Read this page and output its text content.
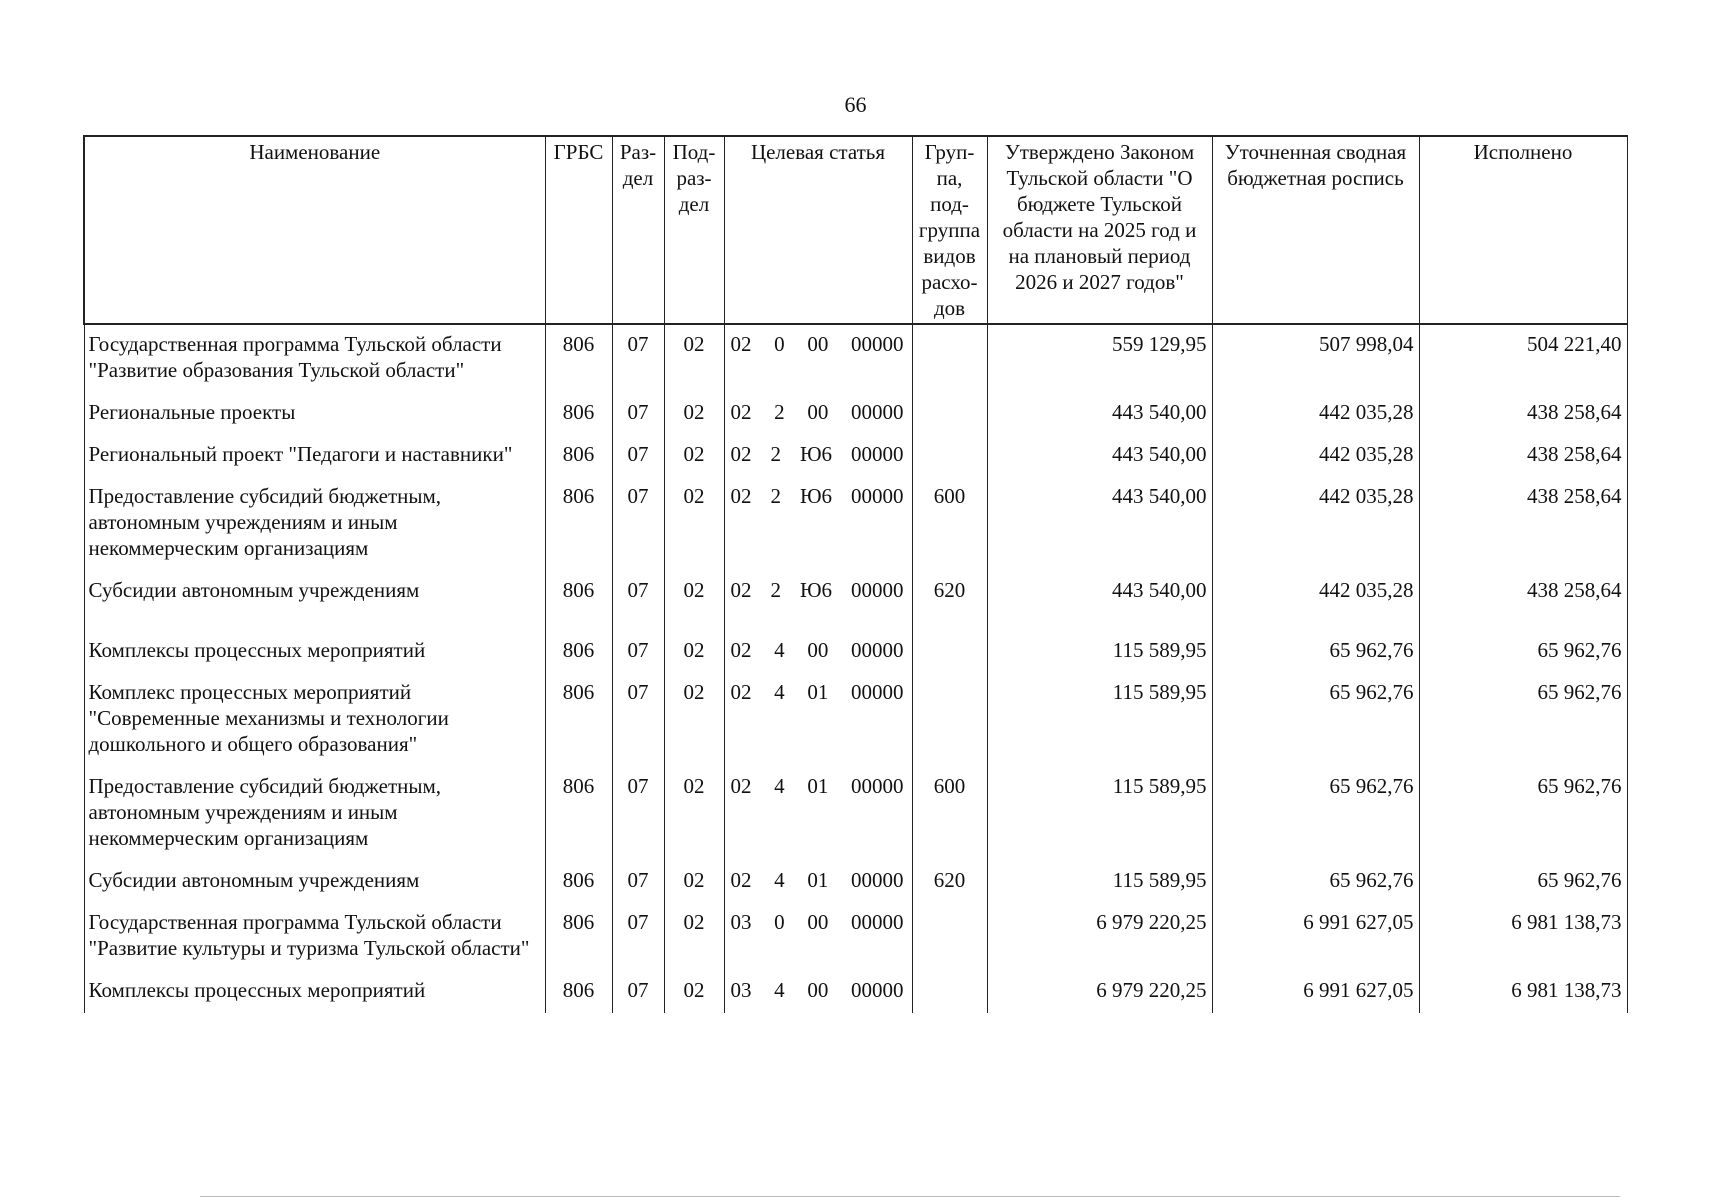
66
Наименование	ГРБС	Раз-дел	Под-раз-дел	Целевая статья	Груп-па, под-группа видов расхо-дов	Утверждено Законом Тульской области "О бюджете Тульской области на 2025 год и на плановый период 2026 и 2027 годов"	Уточненная сводная бюджетная роспись	Исполнено
Государственная программа Тульской области "Развитие образования Тульской области"	806	07	02	02 0 00 00000		559 129,95	507 998,04	504 221,40
Региональные проекты	806	07	02	02 2 00 00000		443 540,00	442 035,28	438 258,64
Региональный проект "Педагоги и наставники"	806	07	02	02 2 Ю6 00000		443 540,00	442 035,28	438 258,64
Предоставление субсидий бюджетным, автономным учреждениям и иным некоммерческим организациям	806	07	02	02 2 Ю6 00000	600	443 540,00	442 035,28	438 258,64
Субсидии автономным учреждениям	806	07	02	02 2 Ю6 00000	620	443 540,00	442 035,28	438 258,64
Комплексы процессных мероприятий	806	07	02	02 4 00 00000		115 589,95	65 962,76	65 962,76
Комплекс процессных мероприятий "Современные механизмы и технологии дошкольного и общего образования"	806	07	02	02 4 01 00000		115 589,95	65 962,76	65 962,76
Предоставление субсидий бюджетным, автономным учреждениям и иным некоммерческим организациям	806	07	02	02 4 01 00000	600	115 589,95	65 962,76	65 962,76
Субсидии автономным учреждениям	806	07	02	02 4 01 00000	620	115 589,95	65 962,76	65 962,76
Государственная программа Тульской области "Развитие культуры и туризма Тульской области"	806	07	02	03 0 00 00000		6 979 220,25	6 991 627,05	6 981 138,73
Комплексы процессных мероприятий	806	07	02	03 4 00 00000		6 979 220,25	6 991 627,05	6 981 138,73
